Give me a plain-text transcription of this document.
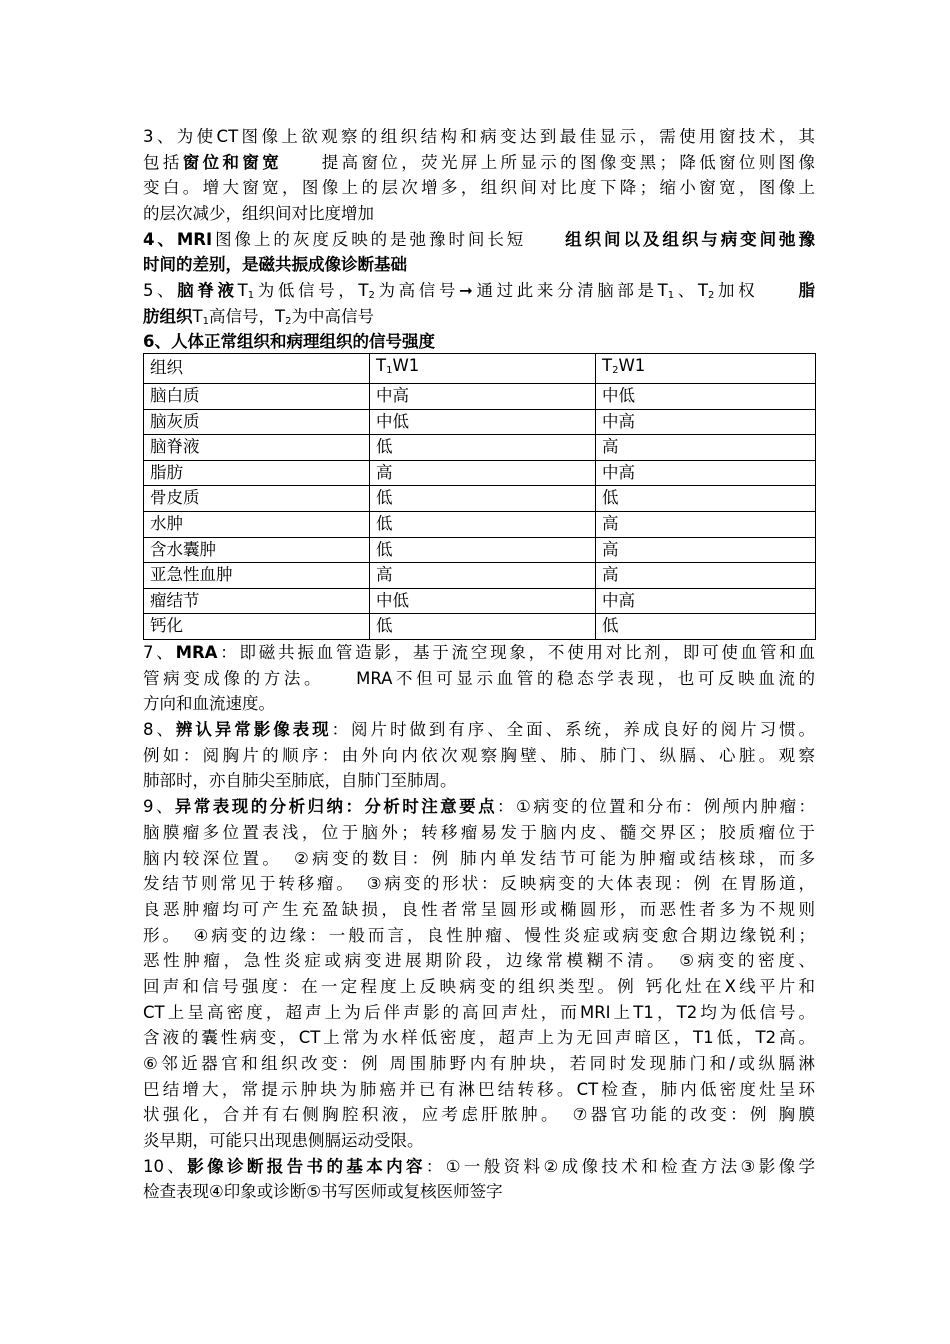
3、为使CT图像上欲观察的组织结构和病变达到最佳显示，需使用窗技术，其
包括窗位和窗宽　　提高窗位，荧光屏上所显示的图像变黑；降低窗位则图像
变白。增大窗宽，图像上的层次增多，组织间对比度下降；缩小窗宽，图像上
的层次减少，组织间对比度增加
4、MRI图像上的灰度反映的是弛豫时间长短　　组织间以及组织与病变间弛豫
时间的差别，是磁共振成像诊断基础
5、脑脊液$T_1$为低信号，$T_2$为高信号➞通过此来分清脑部是$T_1$、$T_2$加权　　脂
肪组织$T_1$高信号，$T_2$为中高信号
6、人体正常组织和病理组织的信号强度
组织	$T_1W1$	$T_2W1$
脑白质	中高	中低
脑灰质	中低	中高
脑脊液	低	高
脂肪	高	中高
骨皮质	低	低
水肿	低	高
含水囊肿	低	高
亚急性血肿	高	高
瘤结节	中低	中高
钙化	低	低
7、MRA：即磁共振血管造影，基于流空现象，不使用对比剂，即可使血管和血
管病变成像的方法。　　MRA不但可显示血管的稳态学表现，也可反映血流的
方向和血流速度。
8、辨认异常影像表现：阅片时做到有序、全面、系统，养成良好的阅片习惯。
例如：阅胸片的顺序：由外向内依次观察胸壁、肺、肺门、纵膈、心脏。观察
肺部时，亦自肺尖至肺底，自肺门至肺周。
9、异常表现的分析归纳：分析时注意要点：①病变的位置和分布：例颅内肿瘤：
脑膜瘤多位置表浅，位于脑外；转移瘤易发于脑内皮、髓交界区；胶质瘤位于
脑内较深位置。　②病变的数目：例 肺内单发结节可能为肿瘤或结核球，而多
发结节则常见于转移瘤。　③病变的形状：反映病变的大体表现：例 在胃肠道，
良恶肿瘤均可产生充盈缺损，良性者常呈圆形或椭圆形，而恶性者多为不规则
形。　④病变的边缘：一般而言，良性肿瘤、慢性炎症或病变愈合期边缘锐利；
恶性肿瘤，急性炎症或病变进展期阶段，边缘常模糊不清。　⑤病变的密度、
回声和信号强度：在一定程度上反映病变的组织类型。例 钙化灶在X线平片和
CT上呈高密度，超声上为后伴声影的高回声灶，而MRI上T1，T2均为低信号。
含液的囊性病变，CT上常为水样低密度，超声上为无回声暗区，T1低，T2高。
⑥邻近器官和组织改变：例 周围肺野内有肿块，若同时发现肺门和/或纵膈淋
巴结增大，常提示肿块为肺癌并已有淋巴结转移。CT检查，肺内低密度灶呈环
状强化，合并有右侧胸腔积液，应考虑肝脓肿。　⑦器官功能的改变：例 胸膜
炎早期，可能只出现患侧膈运动受限。
10、影像诊断报告书的基本内容：①一般资料②成像技术和检查方法③影像学
检查表现④印象或诊断⑤书写医师或复核医师签字
